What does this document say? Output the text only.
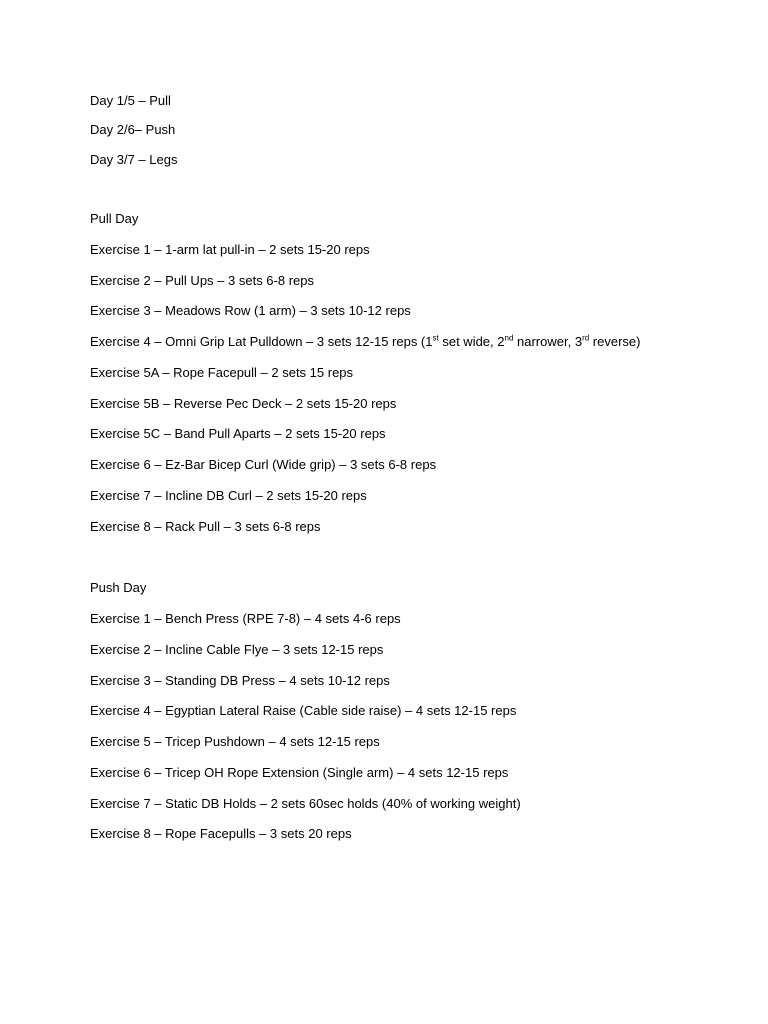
Day 1/5 – Pull
Day 2/6– Push
Day 3/7 – Legs
Pull Day
Exercise 1 – 1-arm lat pull-in – 2 sets 15-20 reps
Exercise 2 – Pull Ups – 3 sets 6-8 reps
Exercise 3 – Meadows Row (1 arm) – 3 sets 10-12 reps
Exercise 4 – Omni Grip Lat Pulldown – 3 sets 12-15 reps (1st set wide, 2nd narrower, 3rd reverse)
Exercise 5A – Rope Facepull – 2 sets 15 reps
Exercise 5B – Reverse Pec Deck – 2 sets 15-20 reps
Exercise 5C – Band Pull Aparts – 2 sets 15-20 reps
Exercise 6 – Ez-Bar Bicep Curl (Wide grip) – 3 sets 6-8 reps
Exercise 7 – Incline DB Curl – 2 sets 15-20 reps
Exercise 8 – Rack Pull – 3 sets 6-8 reps
Push Day
Exercise 1 – Bench Press (RPE 7-8) – 4 sets 4-6 reps
Exercise 2 – Incline Cable Flye – 3 sets 12-15 reps
Exercise 3 – Standing DB Press – 4 sets 10-12 reps
Exercise 4 – Egyptian Lateral Raise (Cable side raise) – 4 sets 12-15 reps
Exercise 5 – Tricep Pushdown – 4 sets 12-15 reps
Exercise 6 – Tricep OH Rope Extension (Single arm) – 4 sets 12-15 reps
Exercise 7 – Static DB Holds – 2 sets 60sec holds (40% of working weight)
Exercise 8 – Rope Facepulls – 3 sets 20 reps
